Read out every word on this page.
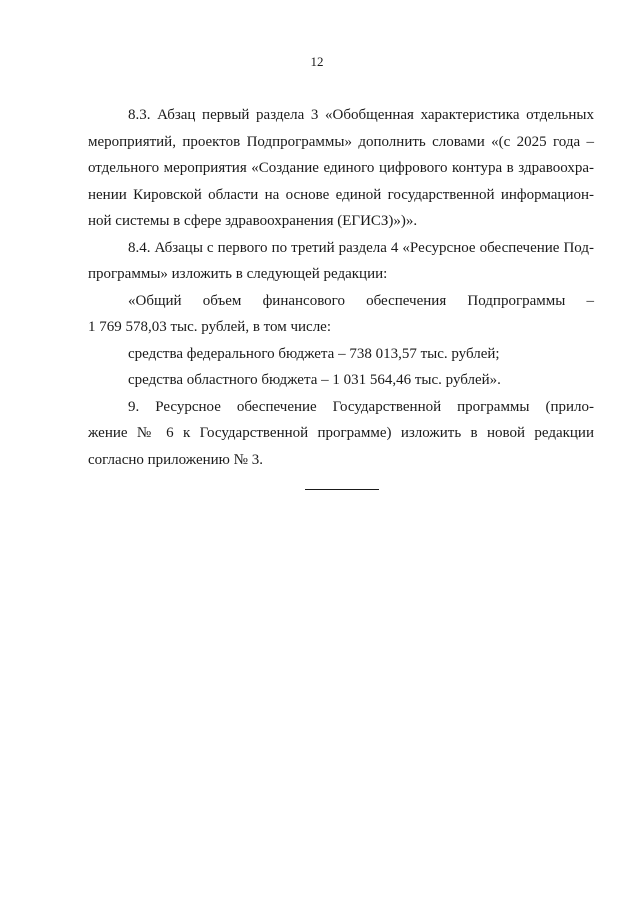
12

8.3. Абзац первый раздела 3 «Обобщенная характеристика отдельных
мероприятий, проектов Подпрограммы» дополнить словами «(с 2025 года –
отдельного мероприятия «Создание единого цифрового контура в здравоохра-
нении Кировской области на основе единой государственной информацион-
ной системы в сфере здравоохранения (ЕГИСЗ)»)».

8.4. Абзацы с первого по третий раздела 4 «Ресурсное обеспечение Под-
программы» изложить в следующей редакции:

«Общий объем финансового обеспечения Подпрограммы –
1 769 578,03 тыс. рублей, в том числе:

средства федерального бюджета – 738 013,57 тыс. рублей;

средства областного бюджета – 1 031 564,46 тыс. рублей».

9. Ресурсное обеспечение Государственной программы (прило-
жение № 6 к Государственной программе) изложить в новой редакции
согласно приложению № 3.
